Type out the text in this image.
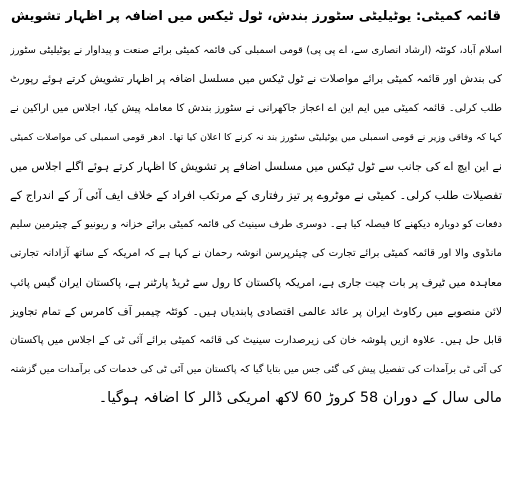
قائمہ کمیٹی: یوٹیلیٹی سٹورز بندش، ٹول ٹیکس میں اضافہ پر اظہار تشویش
اسلام آباد، کوئٹہ (ارشاد انصاری سے، اے پی پی) قومی اسمبلی کی قائمہ کمیٹی برائے صنعت و پیداوار نے یوٹیلیٹی سٹورز
کی بندش اور قائمہ کمیٹی برائے مواصلات نے ٹول ٹیکس میں مسلسل اضافہ پر اظہار تشویش کرتے ہوئے رپورٹ
طلب کرلی۔ قائمہ کمیٹی میں ایم این اے اعجاز جاکھرانی نے سٹورز بندش کا معاملہ پیش کیا، اجلاس میں اراکین نے
کہا کہ وفاقی وزیر نے قومی اسمبلی میں یوٹیلیٹی سٹورز بند نہ کرنے کا اعلان کیا تھا۔ ادھر قومی اسمبلی کی مواصلات کمیٹی
نے این ایچ اے کی جانب سے ٹول ٹیکس میں مسلسل اضافے پر تشویش کا اظہار کرتے ہوئے اگلے اجلاس میں
تفصیلات طلب کرلی۔ کمیٹی نے موٹروے پر تیز رفتاری کے مرتکب افراد کے خلاف ایف آئی آر کے اندراج کے
دفعات کو دوبارہ دیکھنے کا فیصلہ کیا ہے۔ دوسری طرف سینیٹ کی قائمہ کمیٹی برائے خزانہ و ریونیو کے چیئرمین سلیم
مانڈوی والا اور قائمہ کمیٹی برائے تجارت کی چیئرپرسن انوشہ رحمان نے کہا ہے کہ امریکہ کے ساتھ آزادانہ تجارتی
معاہدہ میں ٹیرف پر بات چیت جاری ہے، امریکہ پاکستان کا رول سے ٹریڈ پارٹنر ہے، پاکستان ایران گیس پائپ
لائن منصوبے میں رکاوٹ ایران پر عائد عالمی اقتصادی پابندیاں ہیں۔ کوئٹہ چیمبر آف کامرس کے تمام تجاویز
قابل حل ہیں۔ علاوہ ازیں پلوشہ خان کی زیرصدارت سینیٹ کی قائمہ کمیٹی برائے آئی ٹی کے اجلاس میں پاکستان
کی آئی ٹی برآمدات کی تفصیل پیش کی گئی جس میں بتایا گیا کہ پاکستان میں آئی ٹی کی خدمات کی برآمدات میں گزشتہ
مالی سال کے دوران 58 کروڑ 60 لاکھ امریکی ڈالر کا اضافہ ہوگیا۔
